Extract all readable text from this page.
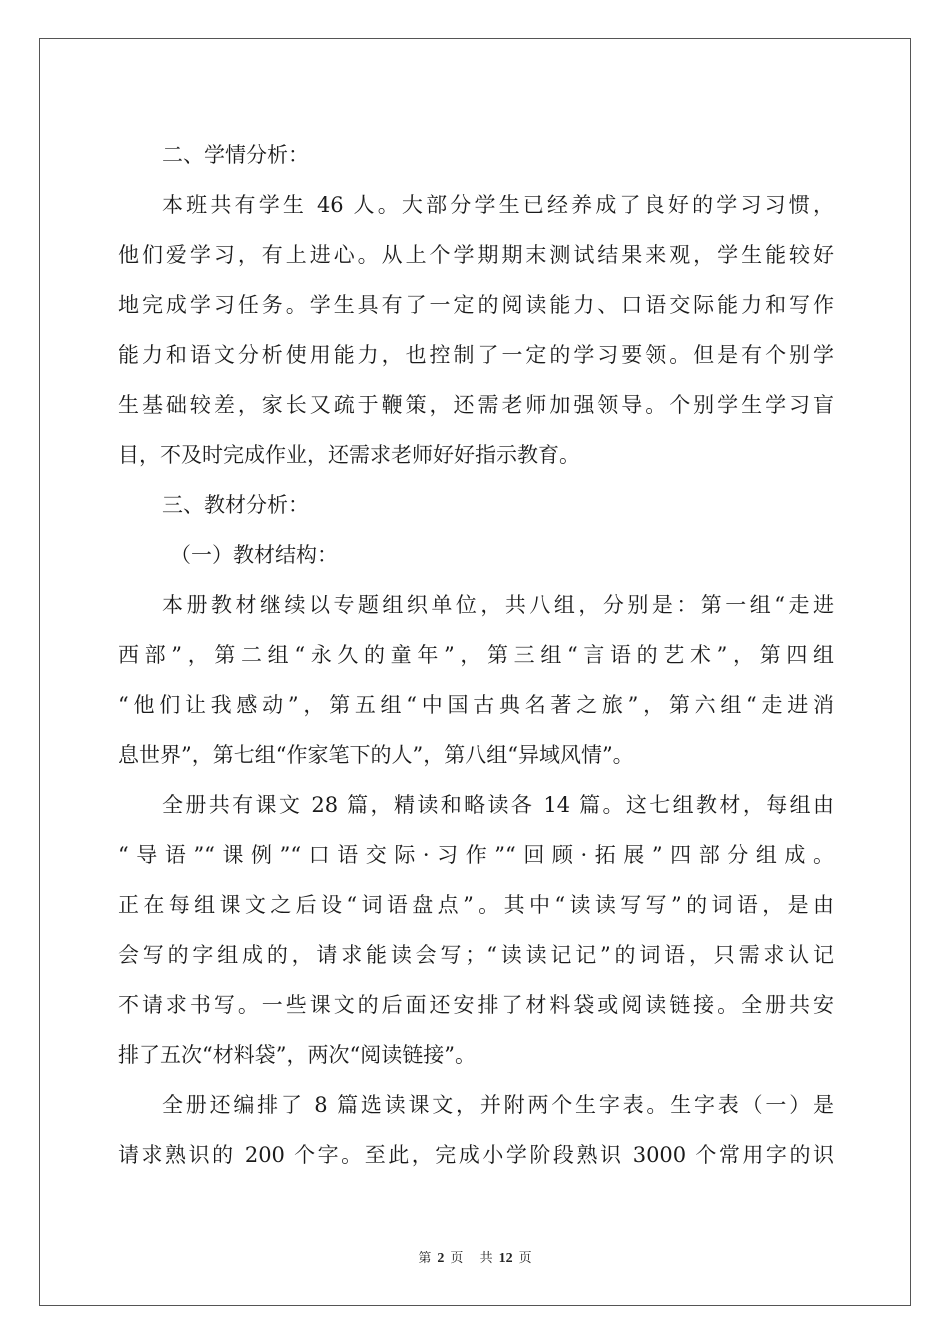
二、学情分析：
本班共有学生 46 人。大部分学生已经养成了良好的学习习惯，
他们爱学习，有上进心。从上个学期期末测试结果来观，学生能较好
地完成学习任务。学生具有了一定的阅读能力、口语交际能力和写作
能力和语文分析使用能力，也控制了一定的学习要领。但是有个别学
生基础较差，家长又疏于鞭策，还需老师加强领导。个别学生学习盲
目，不及时完成作业，还需求老师好好指示教育。
三、教材分析：
（一）教材结构：
本册教材继续以专题组织单位，共八组，分别是：第一组“走进
西部”，第二组“永久的童年”，第三组“言语的艺术”，第四组
“他们让我感动”，第五组“中国古典名著之旅”，第六组“走进消
息世界”，第七组“作家笔下的人”，第八组“异域风情”。
全册共有课文 28 篇，精读和略读各 14 篇。这七组教材，每组由
“导语”“课例”“口语交际·习作”“回顾·拓展”四部分组成。
正在每组课文之后设“词语盘点”。其中“读读写写”的词语，是由
会写的字组成的，请求能读会写；“读读记记”的词语，只需求认记
不请求书写。一些课文的后面还安排了材料袋或阅读链接。全册共安
排了五次“材料袋”，两次“阅读链接”。
全册还编排了 8 篇选读课文，并附两个生字表。生字表（一）是
请求熟识的 200 个字。至此，完成小学阶段熟识 3000 个常用字的识
第 2 页 共 12 页
